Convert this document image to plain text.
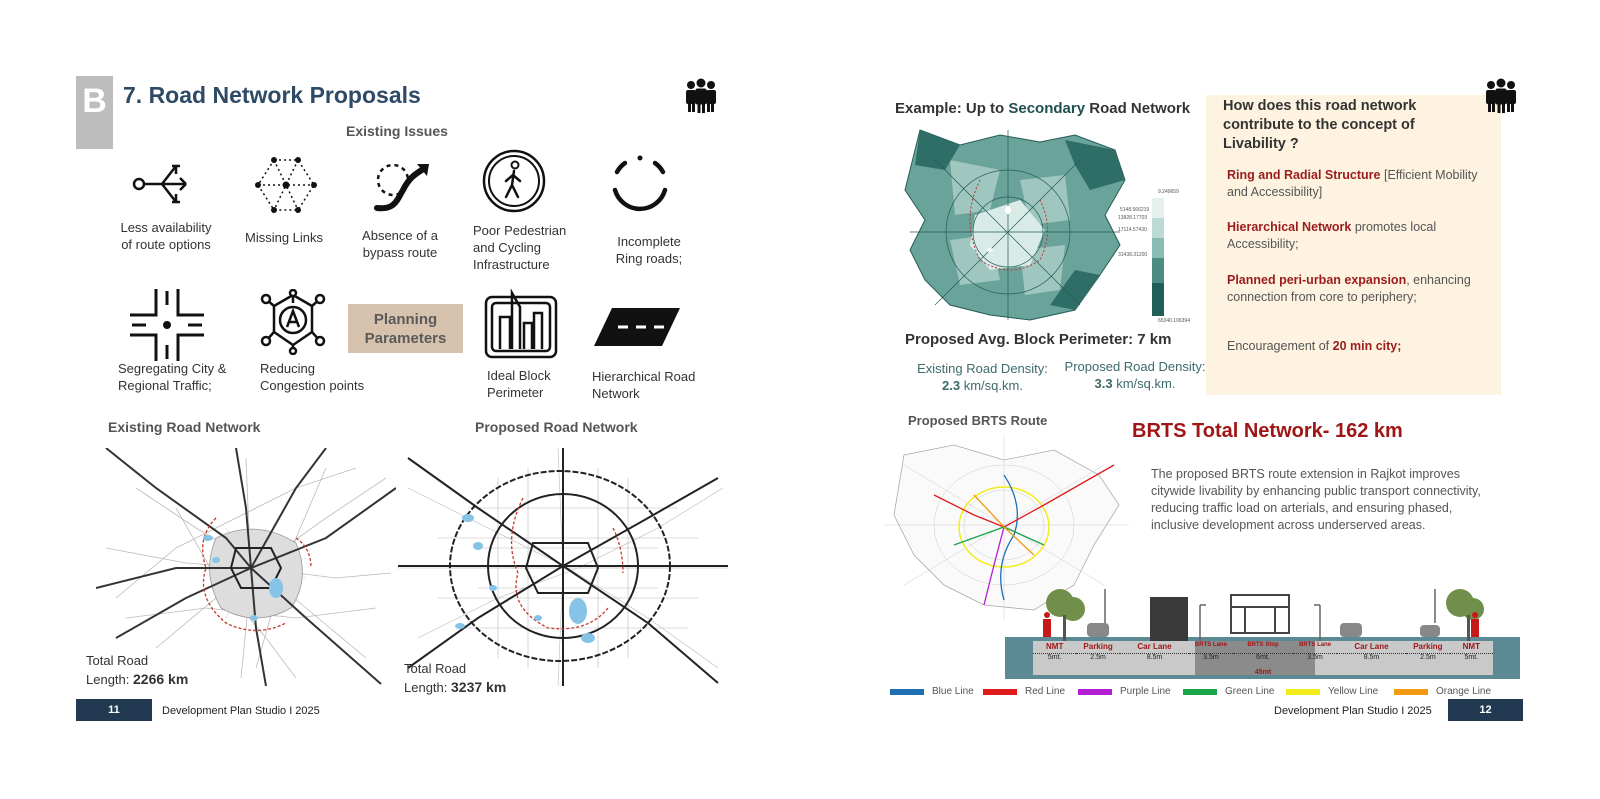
B 7. Road Network Proposals
Existing Issues
Less availability
of route options	Missing Links	Absence of a
bypass route
Poor Pedestrian
and Cycling
Infrastructure
Incomplete
Ring roads;
Planning
Parameters
Segregating City &
Regional Traffic;
Reducing
Congestion points
Ideal Block
Perimeter
Hierarchical Road
Network
Existing Road Network	Proposed Road Network
Total Road
Length: 2266 km
Total Road
Length: 3237 km
11	Development Plan Studio I 2025
Example: Up to Secondary Road Network
9.249659
5148.566219
13828.17703
17114.57430
31438.31200
65340.106394
Proposed Avg. Block Perimeter: 7 km
Existing Road Density:
2.3 km/sq.km.
Proposed Road Density:
3.3 km/sq.km.
How does this road network contribute to the concept of Livability ?

Ring and Radial Structure [Efficient Mobility and Accessibility]

Hierarchical Network promotes local Accessibility;

Planned peri-urban expansion, enhancing connection from core to periphery;

Encouragement of 20 min city;

Proposed BRTS Route	BRTS Total Network- 162 km
The proposed BRTS route extension in Rajkot improves citywide livability by enhancing public transport connectivity, reducing traffic load on arterials, and ensuring phased, inclusive development across underserved areas.
NMT
5mt.
Parking
2.5m
Car Lane
8.5m
BRTS Lane
3.5m
BRTS Stop
6mt.
BRTS Lane
3.5m
Car Lane
8.5m
Parking
2.5m
NMT
5mt.
45mt
Blue Line	Red Line	Purple Line	Green Line	Yellow Line	Orange Line
Development Plan Studio I 2025	12
